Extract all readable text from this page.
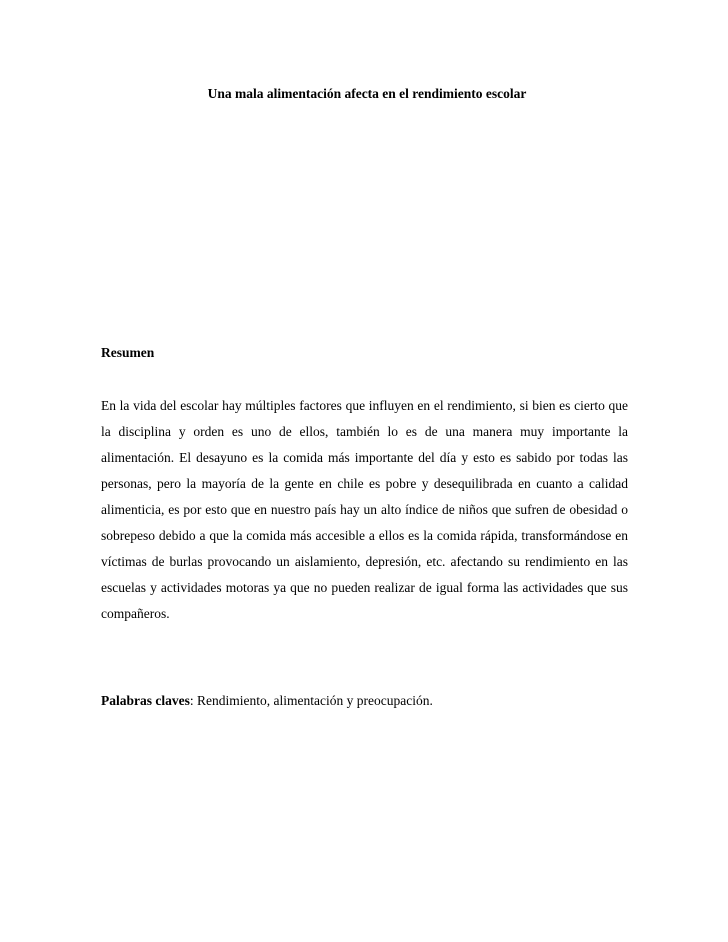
Una mala alimentación afecta en el rendimiento escolar
Resumen

En la vida del escolar hay múltiples factores que influyen en el rendimiento, si bien es cierto que la disciplina y orden es uno de ellos, también lo es de una manera muy importante la alimentación. El desayuno es la comida más importante del día y esto es sabido por todas las personas, pero la mayoría de la gente en chile es pobre y desequilibrada en cuanto a calidad alimenticia, es por esto que en nuestro país hay un alto índice de niños que sufren de obesidad o sobrepeso debido a que la comida más accesible a ellos es la comida rápida, transformándose en víctimas de burlas provocando un aislamiento, depresión, etc. afectando su rendimiento en las escuelas y actividades motoras ya que no pueden realizar de igual forma las actividades que sus compañeros.

Palabras claves: Rendimiento, alimentación y preocupación.
